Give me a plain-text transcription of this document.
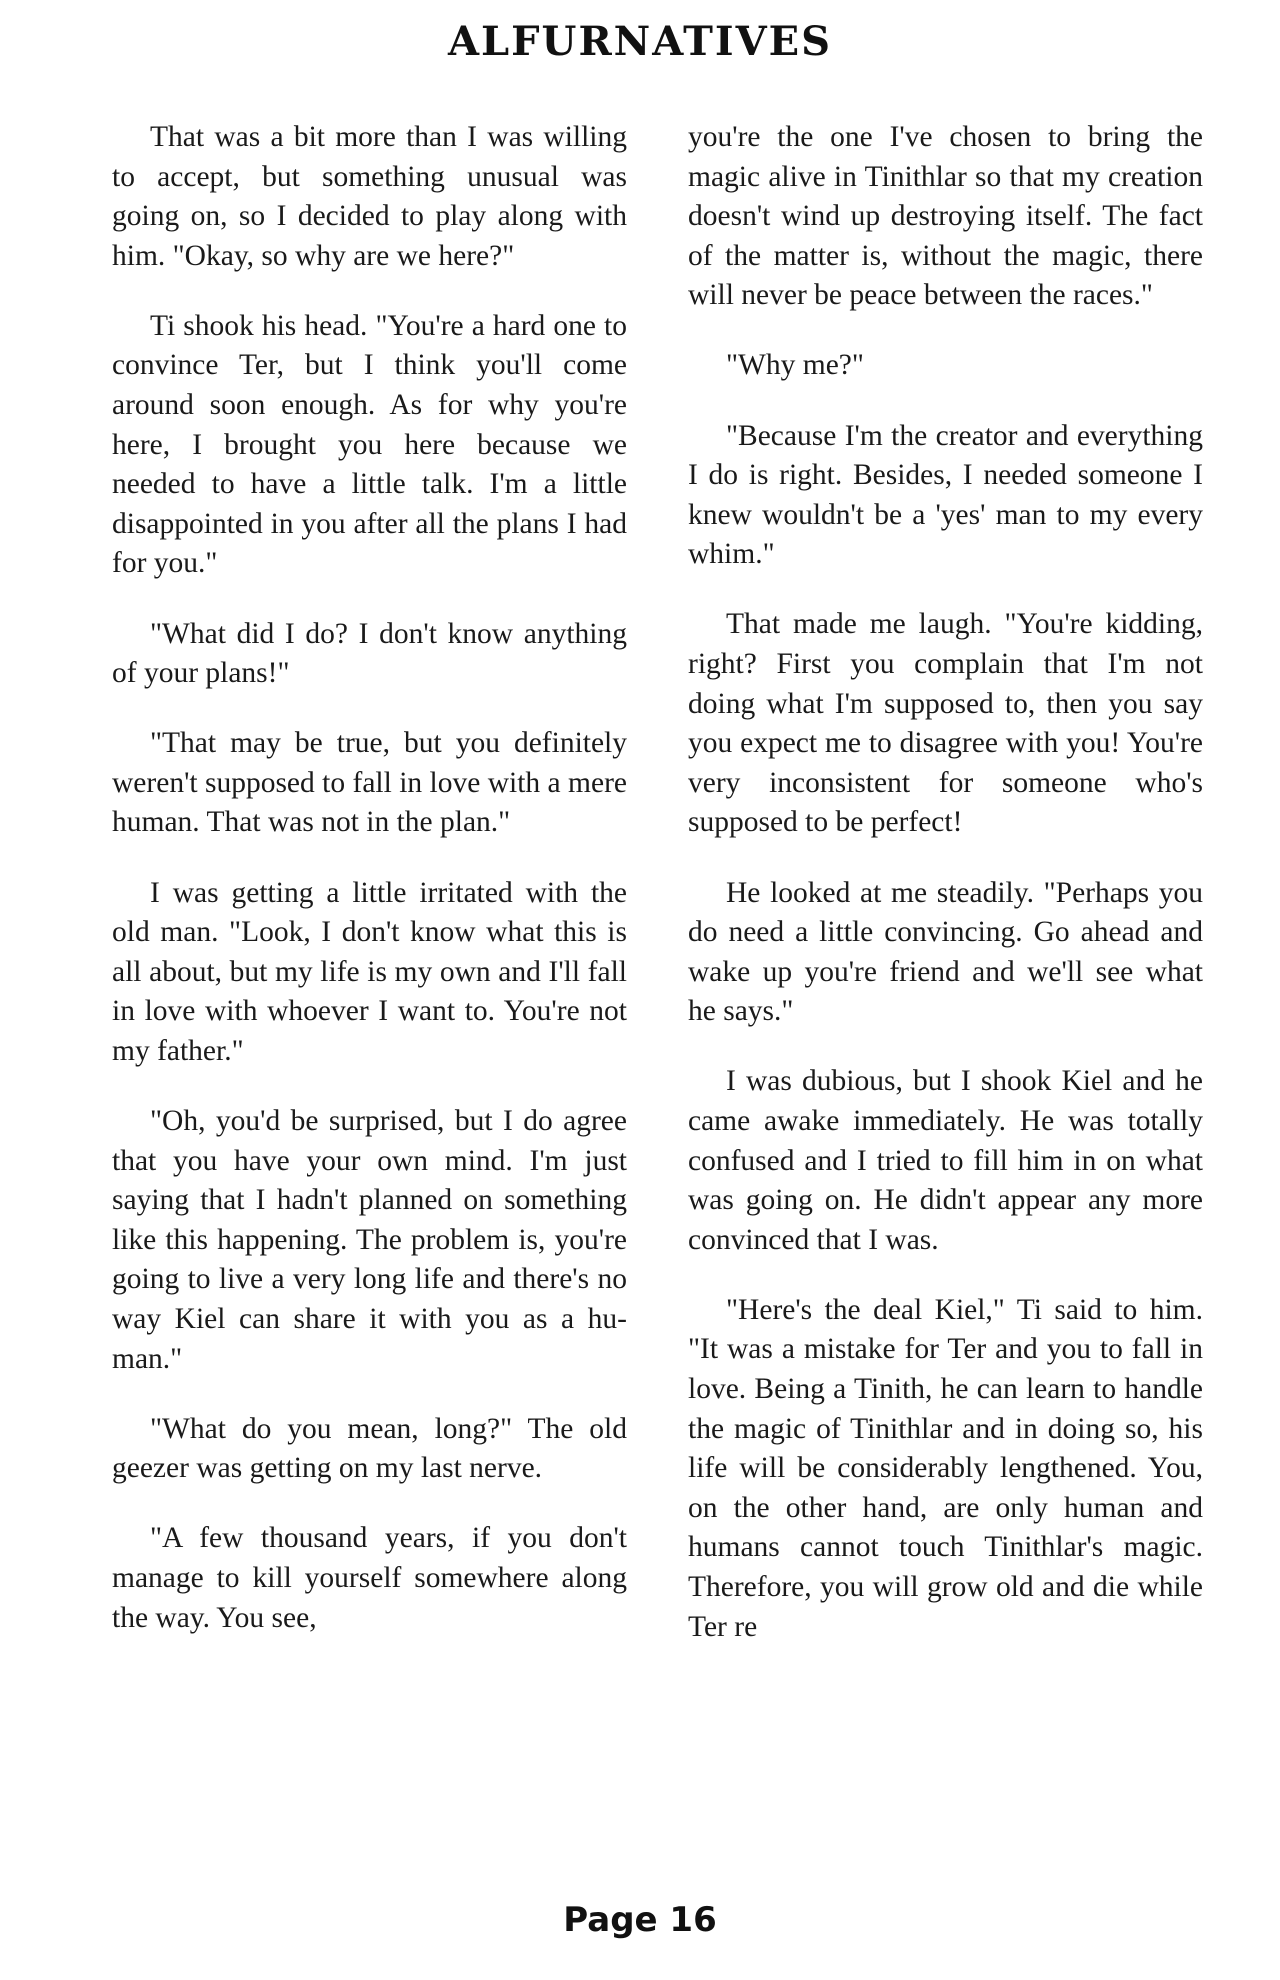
ALFURNATIVES

That was a bit more than I was willing to accept, but something unusual was going on, so I decided to play along with him. "Okay, so why are we here?"

Ti shook his head. "You're a hard one to convince Ter, but I think you'll come around soon enough. As for why you're here, I brought you here because we needed to have a little talk. I'm a little disappointed in you after all the plans I had for you."

"What did I do? I don't know anything of your plans!"

"That may be true, but you definitely weren't supposed to fall in love with a mere human. That was not in the plan."

I was getting a little irritated with the old man. "Look, I don't know what this is all about, but my life is my own and I'll fall in love with whoever I want to. You're not my father."

"Oh, you'd be surprised, but I do agree that you have your own mind. I'm just saying that I hadn't planned on something like this happening. The problem is, you're going to live a very long life and there's no way Kiel can share it with you as a human."

"What do you mean, long?" The old geezer was getting on my last nerve.

"A few thousand years, if you don't manage to kill yourself somewhere along the way. You see,

you're the one I've chosen to bring the magic alive in Tinithlar so that my creation doesn't wind up destroying itself. The fact of the matter is, without the magic, there will never be peace between the races."

"Why me?"

"Because I'm the creator and everything I do is right. Besides, I needed someone I knew wouldn't be a 'yes' man to my every whim."

That made me laugh. "You're kidding, right? First you complain that I'm not doing what I'm supposed to, then you say you expect me to disagree with you! You're very inconsistent for someone who's supposed to be perfect!

He looked at me steadily. "Perhaps you do need a little convincing. Go ahead and wake up you're friend and we'll see what he says."

I was dubious, but I shook Kiel and he came awake immediately. He was totally confused and I tried to fill him in on what was going on. He didn't appear any more convinced that I was.

"Here's the deal Kiel," Ti said to him. "It was a mistake for Ter and you to fall in love. Being a Tinith, he can learn to handle the magic of Tinithlar and in doing so, his life will be considerably lengthened. You, on the other hand, are only human and humans cannot touch Tinithlar's magic. Therefore, you will grow old and die while Ter re

Page 16
